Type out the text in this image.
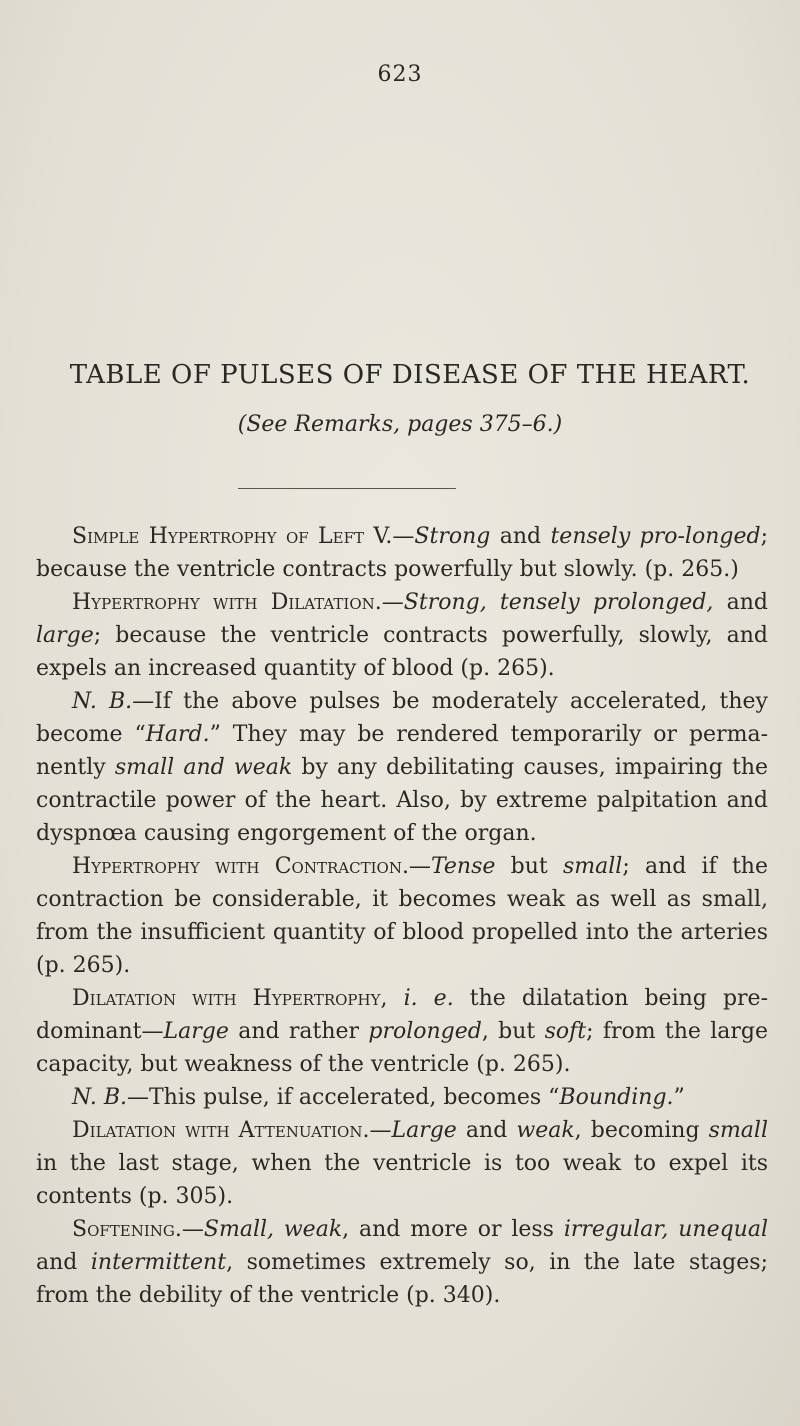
623
TABLE OF PULSES OF DISEASE OF THE HEART.
(See Remarks, pages 375–6.)

Simple Hypertrophy of Left V.—Strong and tensely pro-longed; because the ventricle contracts powerfully but slowly. (p. 265.)

Hypertrophy with Dilatation.—Strong, tensely prolonged, and large; because the ventricle contracts powerfully, slowly, and expels an increased quantity of blood (p. 265).

N. B.—If the above pulses be moderately accelerated, they become “Hard.” They may be rendered temporarily or perma-nently small and weak by any debilitating causes, impairing the contractile power of the heart. Also, by extreme palpitation and dyspnœa causing engorgement of the organ.

Hypertrophy with Contraction.—Tense but small; and if the contraction be considerable, it becomes weak as well as small, from the insufficient quantity of blood propelled into the arteries (p. 265).

Dilatation with Hypertrophy, i. e. the dilatation being pre-dominant—Large and rather prolonged, but soft; from the large capacity, but weakness of the ventricle (p. 265).

N. B.—This pulse, if accelerated, becomes “Bounding.”

Dilatation with Attenuation.—Large and weak, becoming small in the last stage, when the ventricle is too weak to expel its contents (p. 305).

Softening.—Small, weak, and more or less irregular, unequal and intermittent, sometimes extremely so, in the late stages; from the debility of the ventricle (p. 340).
